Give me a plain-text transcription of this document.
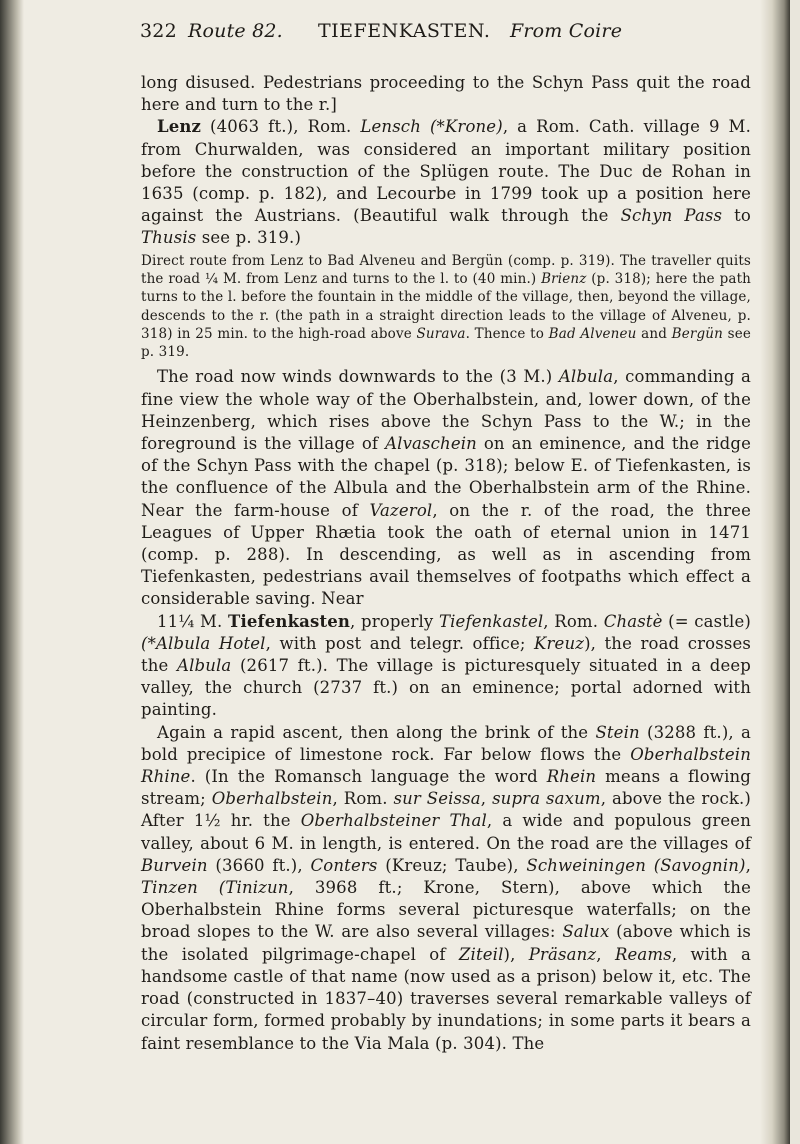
322 Route 82. TIEFENKASTEN. From Coire

long disused. Pedestrians proceeding to the Schyn Pass quit the road here and turn to the r.]

Lenz (4063 ft.), Rom. Lensch (*Krone), a Rom. Cath. village 9 M. from Churwalden, was considered an important military position before the construction of the Splügen route. The Duc de Rohan in 1635 (comp. p. 182), and Lecourbe in 1799 took up a position here against the Austrians. (Beautiful walk through the Schyn Pass to Thusis see p. 319.)

Direct route from Lenz to Bad Alveneu and Bergün (comp. p. 319). The traveller quits the road ¼ M. from Lenz and turns to the l. to (40 min.) Brienz (p. 318); here the path turns to the l. before the fountain in the middle of the village, then, beyond the village, descends to the r. (the path in a straight direction leads to the village of Alveneu, p. 318) in 25 min. to the high-road above Surava. Thence to Bad Alveneu and Bergün see p. 319.

The road now winds downwards to the (3 M.) Albula, commanding a fine view the whole way of the Oberhalbstein, and, lower down, of the Heinzenberg, which rises above the Schyn Pass to the W.; in the foreground is the village of Alvaschein on an eminence, and the ridge of the Schyn Pass with the chapel (p. 318); below E. of Tiefenkasten, is the confluence of the Albula and the Oberhalbstein arm of the Rhine. Near the farm-house of Vazerol, on the r. of the road, the three Leagues of Upper Rhætia took the oath of eternal union in 1471 (comp. p. 288). In descending, as well as in ascending from Tiefenkasten, pedestrians avail themselves of footpaths which effect a considerable saving. Near

11¼ M. Tiefenkasten, properly Tiefenkastel, Rom. Chastè (= castle) (*Albula Hotel, with post and telegr. office; Kreuz), the road crosses the Albula (2617 ft.). The village is picturesquely situated in a deep valley, the church (2737 ft.) on an eminence; portal adorned with painting.

Again a rapid ascent, then along the brink of the Stein (3288 ft.), a bold precipice of limestone rock. Far below flows the Oberhalbstein Rhine. (In the Romansch language the word Rhein means a flowing stream; Oberhalbstein, Rom. sur Seissa, supra saxum, above the rock.) After 1½ hr. the Oberhalbsteiner Thal, a wide and populous green valley, about 6 M. in length, is entered. On the road are the villages of Burvein (3660 ft.), Conters (Kreuz; Taube), Schweiningen (Savognin), Tinzen (Tinizun, 3968 ft.; Krone, Stern), above which the Oberhalbstein Rhine forms several picturesque waterfalls; on the broad slopes to the W. are also several villages: Salux (above which is the isolated pilgrimage-chapel of Ziteil), Präsanz, Reams, with a handsome castle of that name (now used as a prison) below it, etc. The road (constructed in 1837–40) traverses several remarkable valleys of circular form, formed probably by inundations; in some parts it bears a faint resemblance to the Via Mala (p. 304). The
